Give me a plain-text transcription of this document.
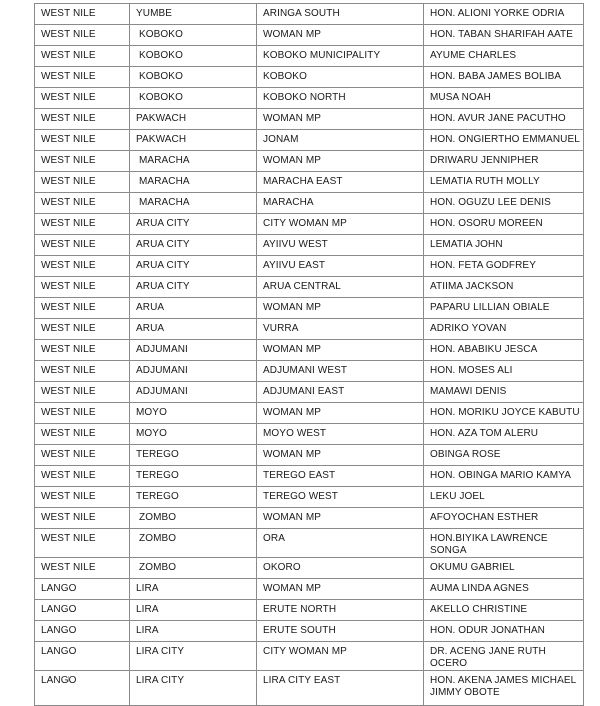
WEST NILE	YUMBE	ARINGA SOUTH	HON. ALIONI YORKE ODRIA
WEST NILE	KOBOKO	WOMAN MP	HON. TABAN SHARIFAH AATE
WEST NILE	KOBOKO	KOBOKO MUNICIPALITY	AYUME CHARLES
WEST NILE	KOBOKO	KOBOKO	HON. BABA JAMES BOLIBA
WEST NILE	KOBOKO	KOBOKO NORTH	MUSA NOAH
WEST NILE	PAKWACH	WOMAN MP	HON. AVUR JANE PACUTHO
WEST NILE	PAKWACH	JONAM	HON. ONGIERTHO EMMANUEL
WEST NILE	MARACHA	WOMAN MP	DRIWARU JENNIPHER
WEST NILE	MARACHA	MARACHA EAST	LEMATIA RUTH MOLLY
WEST NILE	MARACHA	MARACHA	HON. OGUZU LEE DENIS
WEST NILE	ARUA CITY	CITY WOMAN MP	HON. OSORU MOREEN
WEST NILE	ARUA CITY	AYIIVU WEST	LEMATIA JOHN
WEST NILE	ARUA CITY	AYIIVU EAST	HON. FETA GODFREY
WEST NILE	ARUA CITY	ARUA CENTRAL	ATIIMA JACKSON
WEST NILE	ARUA	WOMAN MP	PAPARU LILLIAN OBIALE
WEST NILE	ARUA	VURRA	ADRIKO YOVAN
WEST NILE	ADJUMANI	WOMAN MP	HON. ABABIKU JESCA
WEST NILE	ADJUMANI	ADJUMANI WEST	HON. MOSES ALI
WEST NILE	ADJUMANI	ADJUMANI EAST	MAMAWI DENIS
WEST NILE	MOYO	WOMAN MP	HON. MORIKU JOYCE KABUTU
WEST NILE	MOYO	MOYO WEST	HON. AZA TOM ALERU
WEST NILE	TEREGO	WOMAN MP	OBINGA ROSE
WEST NILE	TEREGO	TEREGO EAST	HON. OBINGA MARIO KAMYA
WEST NILE	TEREGO	TEREGO WEST	LEKU JOEL
WEST NILE	ZOMBO	WOMAN MP	AFOYOCHAN ESTHER
WEST NILE	ZOMBO	ORA	HON.BIYIKA LAWRENCE SONGA
WEST NILE	ZOMBO	OKORO	OKUMU GABRIEL
LANGO	LIRA	WOMAN MP	AUMA LINDA AGNES
LANGO	LIRA	ERUTE NORTH	AKELLO CHRISTINE
LANGO	LIRA	ERUTE SOUTH	HON. ODUR JONATHAN
LANGO	LIRA CITY	CITY WOMAN MP	DR. ACENG JANE RUTH OCERO
LANGO	LIRA CITY	LIRA CITY EAST	HON. AKENA JAMES MICHAEL JIMMY OBOTE
